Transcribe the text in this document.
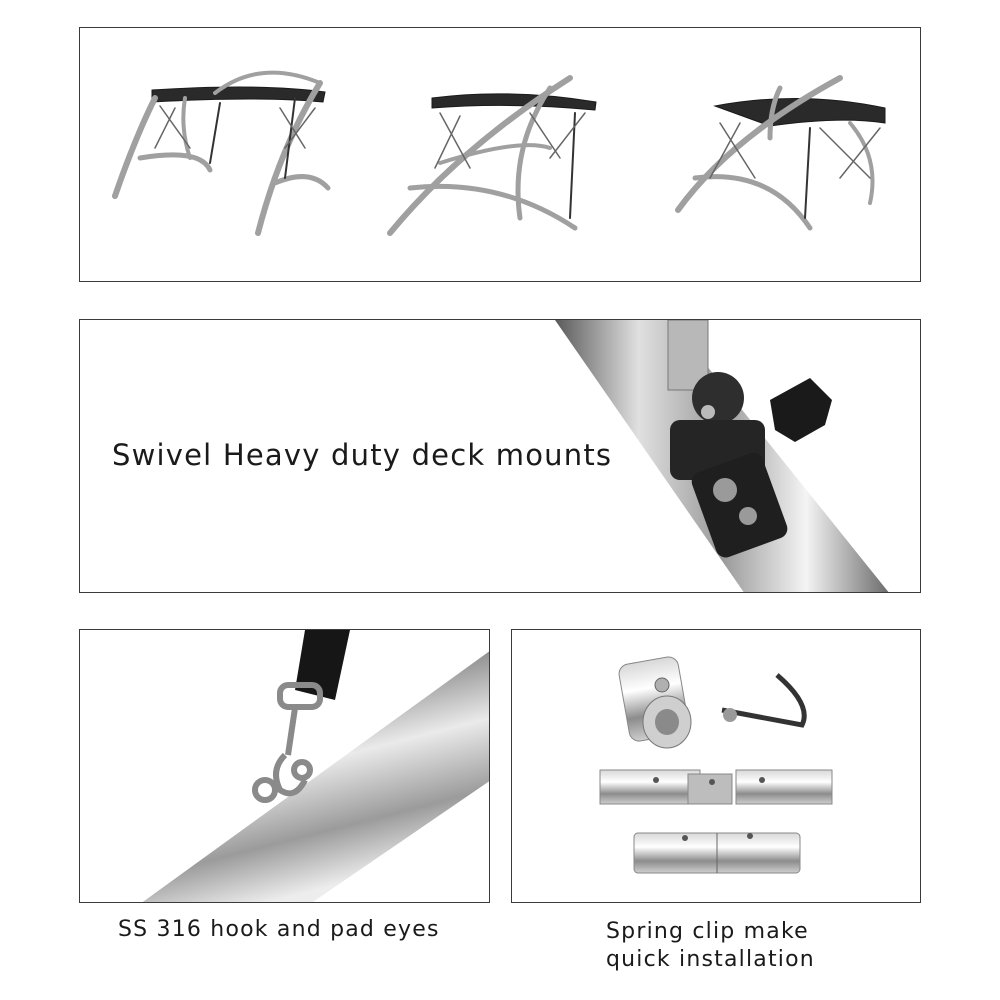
Swivel Heavy duty deck mounts
SS 316 hook and pad eyes	Spring clip make
quick installation
